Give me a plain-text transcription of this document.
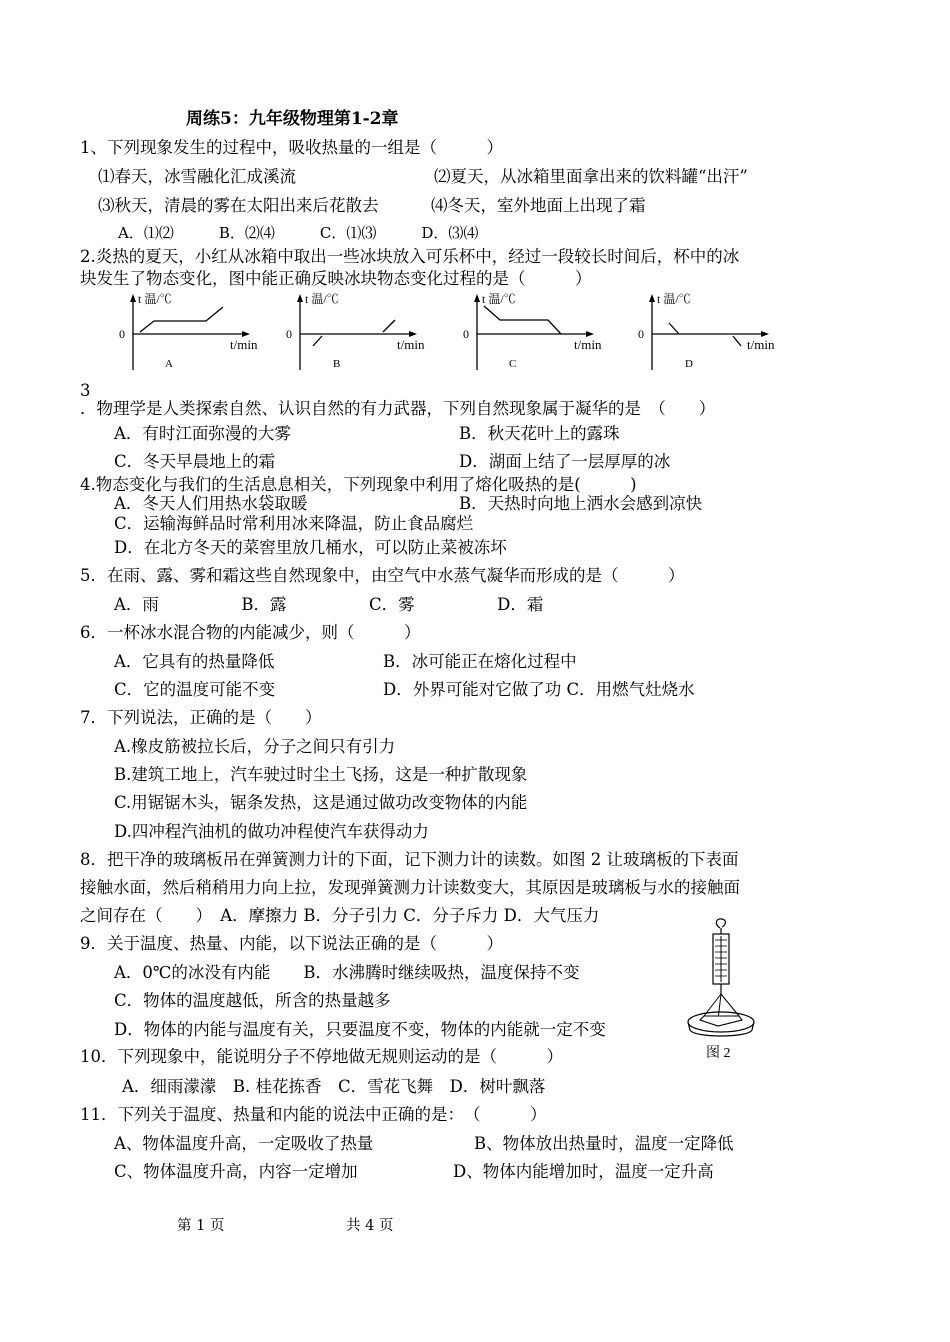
周练5：九年级物理第1-2章
1、下列现象发生的过程中，吸收热量的一组是（　　　）
⑴春天，冰雪融化汇成溪流	⑵夏天，从冰箱里面拿出来的饮料罐“出汗”
⑶秋天，清晨的雾在太阳出来后花散去	⑷冬天，室外地面上出现了霜
A．⑴⑵　　　B．⑵⑷　　　C．⑴⑶　　　D．⑶⑷
2.炎热的夏天，小红从冰箱中取出一些冰块放入可乐杯中，经过一段较长时间后，杯中的冰
块发生了物态变化，图中能正确反映冰块物态变化过程的是（　　　）
t 温/℃
0
t/min
A
t 温/℃
0
t/min
B
t 温/℃
0
t/min
C
t 温/℃
0
t/min
D
3
．物理学是人类探索自然、认识自然的有力武器，下列自然现象属于凝华的是　（　　）
A．有时江面弥漫的大雾	B．秋天花叶上的露珠
C．冬天早晨地上的霜	D．湖面上结了一层厚厚的冰
4.物态变化与我们的生活息息相关，下列现象中利用了熔化吸热的是(　　　)
A．冬天人们用热水袋取暖	B．天热时向地上洒水会感到凉快
C．运输海鲜品时常利用冰来降温，防止食品腐烂
D．在北方冬天的菜窖里放几桶水，可以防止菜被冻坏
5．在雨、露、雾和霜这些自然现象中，由空气中水蒸气凝华而形成的是（　　　）
A．雨　　　　　B．露　　　　　C．雾　　　　　D．霜
6．一杯冰水混合物的内能减少，则（　　　）
A．它具有的热量降低	B．冰可能正在熔化过程中
C．它的温度可能不变	D．外界可能对它做了功 C．用燃气灶烧水
7．下列说法，正确的是（　　）
A.橡皮筋被拉长后，分子之间只有引力
B.建筑工地上，汽车驶过时尘土飞扬，这是一种扩散现象
C.用锯锯木头，锯条发热，这是通过做功改变物体的内能
D.四冲程汽油机的做功冲程使汽车获得动力
8．把干净的玻璃板吊在弹簧测力计的下面，记下测力计的读数。如图 2 让玻璃板的下表面
接触水面，然后稍稍用力向上拉，发现弹簧测力计读数变大，其原因是玻璃板与水的接触面
之间存在（　　）　A．摩擦力 B．分子引力 C．分子斥力 D．大气压力
图 2
9．关于温度、热量、内能，以下说法正确的是（　　　）
A．0℃的冰没有内能　　B．水沸腾时继续吸热，温度保持不变
C．物体的温度越低，所含的热量越多
D．物体的内能与温度有关，只要温度不变，物体的内能就一定不变
10．下列现象中，能说明分子不停地做无规则运动的是（　　　）
A．细雨濛濛　B. 桂花拣香　C．雪花飞舞　D．树叶飘落
11．下列关于温度、热量和内能的说法中正确的是：　（　　　）
A、物体温度升高，一定吸收了热量	B、物体放出热量时，温度一定降低
C、物体温度升高，内容一定增加	D、物体内能增加时，温度一定升高
第 1 页	共 4 页
